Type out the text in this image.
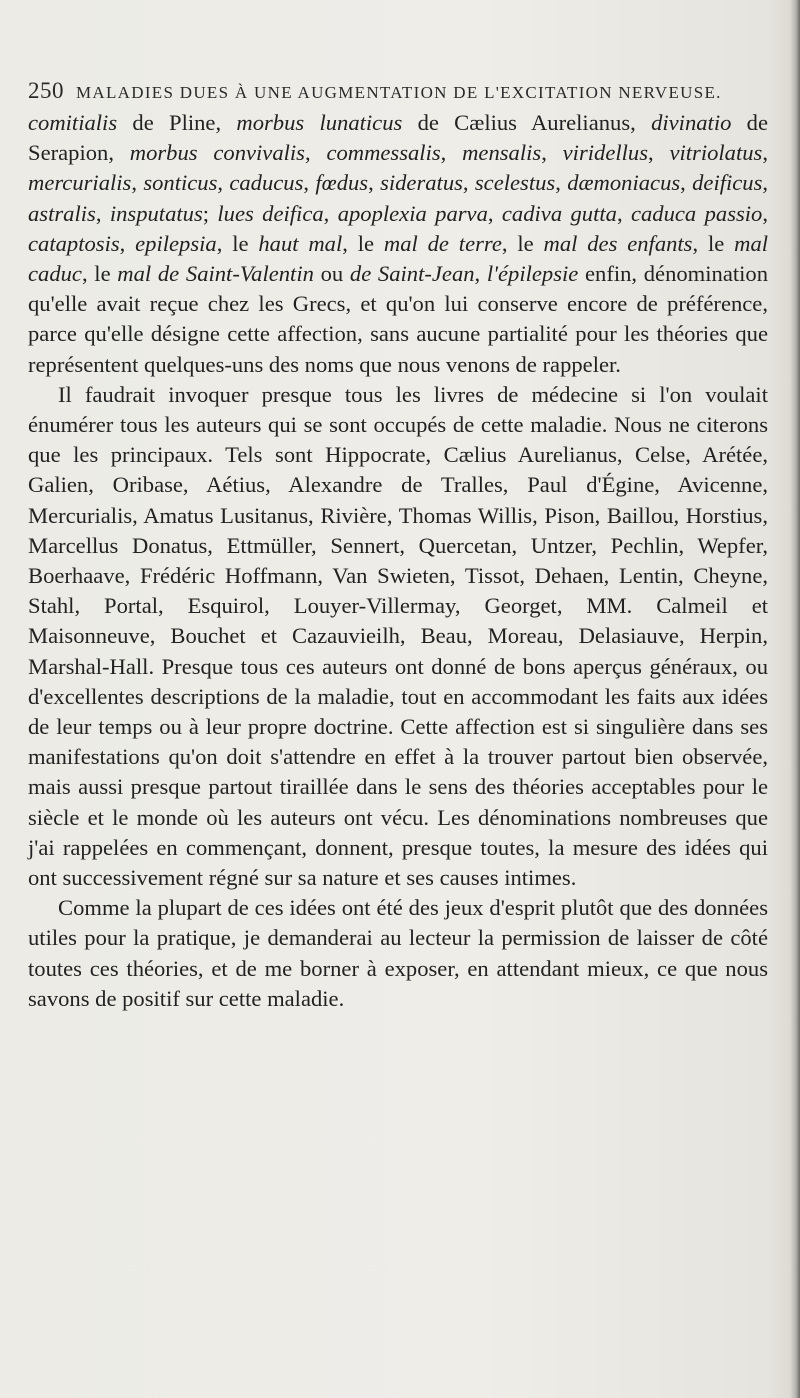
250 MALADIES DUES À UNE AUGMENTATION DE L'EXCITATION NERVEUSE.

comitialis de Pline, morbus lunaticus de Cælius Aurelianus, divinatio de Serapion, morbus convivalis, commessalis, mensalis, viridellus, vitriolatus, mercurialis, sonticus, caducus, fœdus, sideratus, scelestus, dæmoniacus, deificus, astralis, insputatus; lues deifica, apoplexia parva, cadiva gutta, caduca passio, cataptosis, epilepsia, le haut mal, le mal de terre, le mal des enfants, le mal caduc, le mal de Saint-Valentin ou de Saint-Jean, l'épilepsie enfin, dénomination qu'elle avait reçue chez les Grecs, et qu'on lui conserve encore de préférence, parce qu'elle désigne cette affection, sans aucune partialité pour les théories que représentent quelques-uns des noms que nous venons de rappeler.

Il faudrait invoquer presque tous les livres de médecine si l'on voulait énumérer tous les auteurs qui se sont occupés de cette maladie. Nous ne citerons que les principaux. Tels sont Hippocrate, Cælius Aurelianus, Celse, Arétée, Galien, Oribase, Aétius, Alexandre de Tralles, Paul d'Égine, Avicenne, Mercurialis, Amatus Lusitanus, Rivière, Thomas Willis, Pison, Baillou, Horstius, Marcellus Donatus, Ettmüller, Sennert, Quercetan, Untzer, Pechlin, Wepfer, Boerhaave, Frédéric Hoffmann, Van Swieten, Tissot, Dehaen, Lentin, Cheyne, Stahl, Portal, Esquirol, Louyer-Villermay, Georget, MM. Calmeil et Maisonneuve, Bouchet et Cazauvieilh, Beau, Moreau, Delasiauve, Herpin, Marshal-Hall. Presque tous ces auteurs ont donné de bons aperçus généraux, ou d'excellentes descriptions de la maladie, tout en accommodant les faits aux idées de leur temps ou à leur propre doctrine. Cette affection est si singulière dans ses manifestations qu'on doit s'attendre en effet à la trouver partout bien observée, mais aussi presque partout tiraillée dans le sens des théories acceptables pour le siècle et le monde où les auteurs ont vécu. Les dénominations nombreuses que j'ai rappelées en commençant, donnent, presque toutes, la mesure des idées qui ont successivement régné sur sa nature et ses causes intimes.

Comme la plupart de ces idées ont été des jeux d'esprit plutôt que des données utiles pour la pratique, je demanderai au lecteur la permission de laisser de côté toutes ces théories, et de me borner à exposer, en attendant mieux, ce que nous savons de positif sur cette maladie.
